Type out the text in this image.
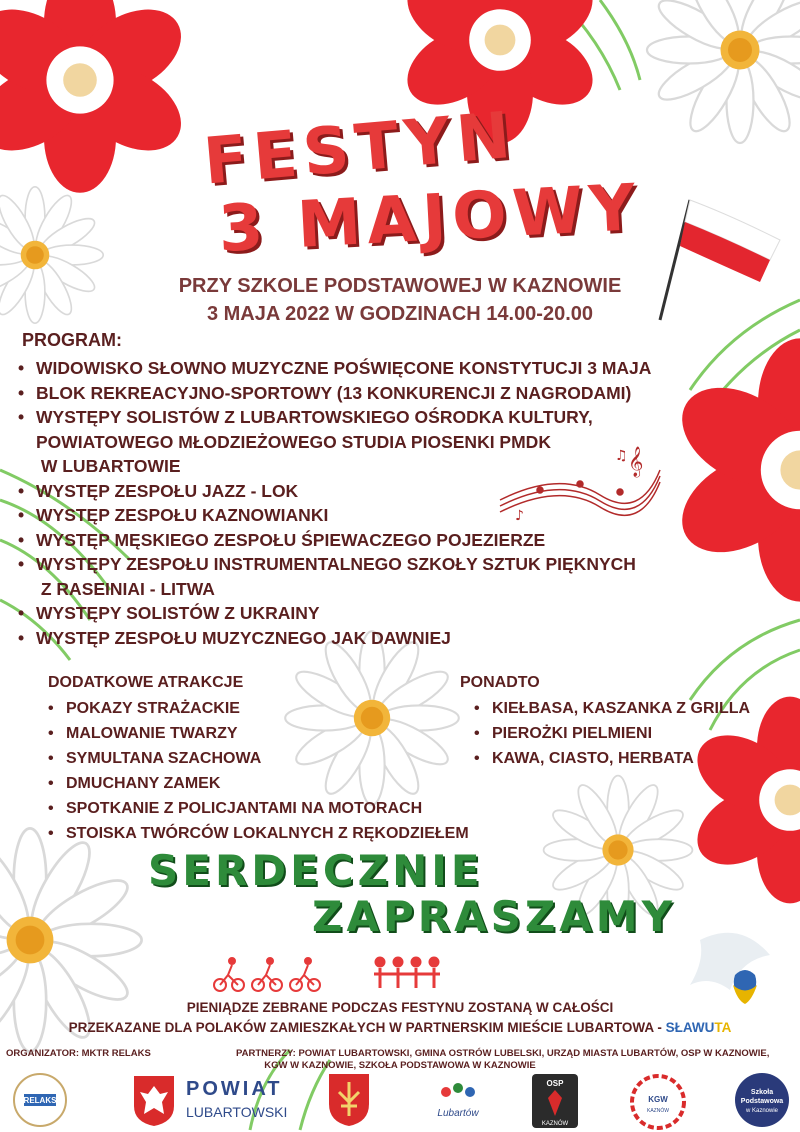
𝄞
♪
♫
FESTYN
3 MAJOWY
PRZY SZKOLE PODSTAWOWEJ W KAZNOWIE
3 MAJA 2022 W GODZINACH 14.00-20.00
PROGRAM:
• WIDOWISKO SŁOWNO MUZYCZNE POŚWIĘCONE KONSTYTUCJI 3 MAJA
• BLOK REKREACYJNO-SPORTOWY (13 KONKURENCJI Z NAGRODAMI)
• WYSTĘPY SOLISTÓW Z LUBARTOWSKIEGO OŚRODKA KULTURY,
POWIATOWEGO MŁODZIEŻOWEGO STUDIA PIOSENKI PMDK
W LUBARTOWIE
• WYSTĘP ZESPOŁU JAZZ - LOK
• WYSTĘP ZESPOŁU KAZNOWIANKI
• WYSTĘP MĘSKIEGO ZESPOŁU ŚPIEWACZEGO POJEZIERZE
• WYSTĘPY ZESPOŁU INSTRUMENTALNEGO SZKOŁY SZTUK PIĘKNYCH
Z RASEINIAI - LITWA
• WYSTĘPY SOLISTÓW Z UKRAINY
• WYSTĘP ZESPOŁU MUZYCZNEGO JAK DAWNIEJ
DODATKOWE ATRAKCJE
• POKAZY STRAŻACKIE
• MALOWANIE TWARZY
• SYMULTANA SZACHOWA
• DMUCHANY ZAMEK
• SPOTKANIE Z POLICJANTAMI NA MOTORACH
• STOISKA TWÓRCÓW LOKALNYCH Z RĘKODZIEŁEM
PONADTO
• KIEŁBASA, KASZANKA Z GRILLA
• PIEROŻKI PIELMIENI
• KAWA, CIASTO, HERBATA
SERDECZNIE
ZAPRASZAMY
PIENIĄDZE ZEBRANE PODCZAS FESTYNU ZOSTANĄ W CAŁOŚCI
PRZEKAZANE DLA POLAKÓW ZAMIESZKAŁYCH W PARTNERSKIM MIEŚCIE LUBARTOWA - SŁAWUTA
ORGANIZATOR: MKTR RELAKS	PARTNERZY: POWIAT LUBARTOWSKI, GMINA OSTRÓW LUBELSKI, URZĄD MIASTA LUBARTÓW, OSP W KAZNOWIE,
KGW W KAZNOWIE, SZKOŁA PODSTAWOWA W KAZNOWIE
RELAKS
POWIAT
LUBARTOWSKI	Lubartów
OSP
KAZNÓW
KGW
KAZNÓW
Szkoła
Podstawowa
w Kaznowie
